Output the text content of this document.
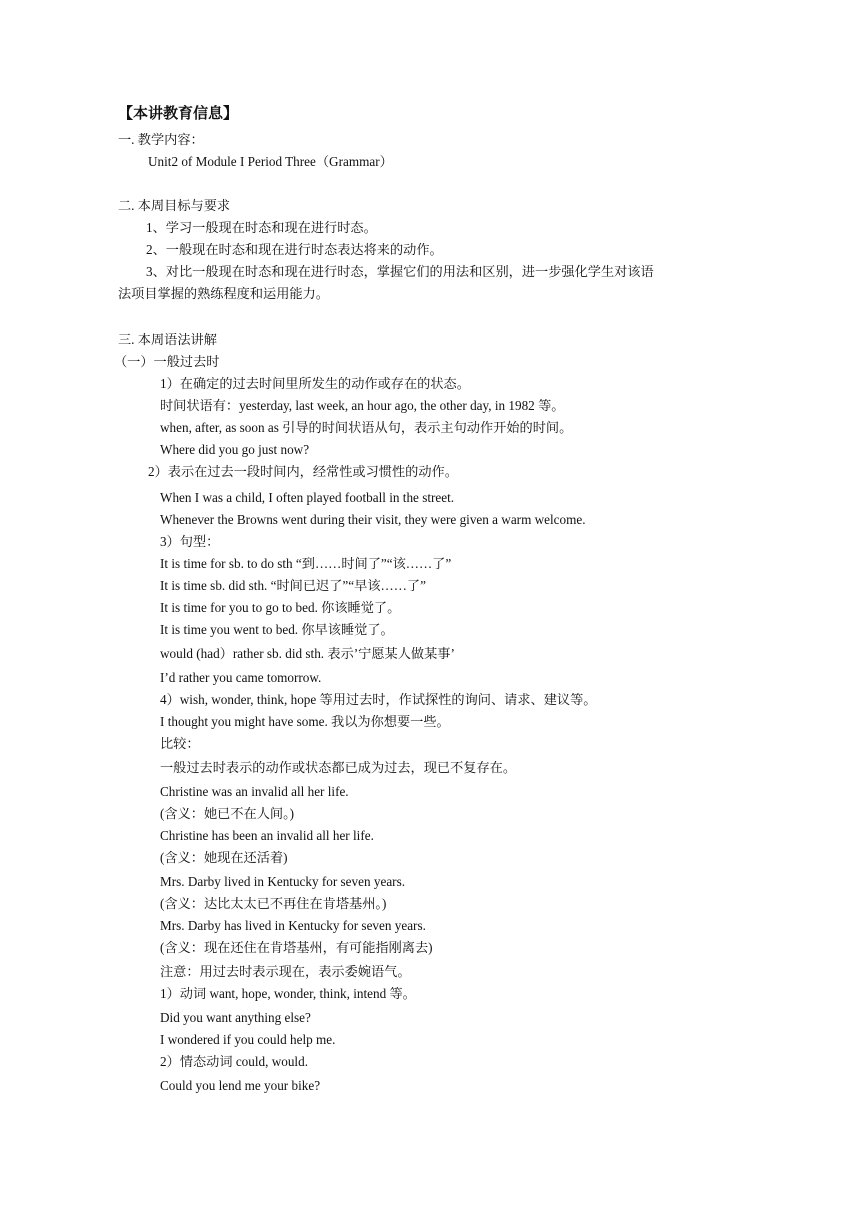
【本讲教育信息】
一. 教学内容：
Unit2 of Module I Period Three（Grammar）
二. 本周目标与要求
1、学习一般现在时态和现在进行时态。
2、一般现在时态和现在进行时态表达将来的动作。
3、对比一般现在时态和现在进行时态，掌握它们的用法和区别，进一步强化学生对该语
法项目掌握的熟练程度和运用能力。
三. 本周语法讲解
（一）一般过去时
1）在确定的过去时间里所发生的动作或存在的状态。
时间状语有：yesterday, last week, an hour ago, the other day, in 1982 等。
when, after, as soon as 引导的时间状语从句，表示主句动作开始的时间。
Where did you go just now?
2）表示在过去一段时间内，经常性或习惯性的动作。
When I was a child, I often played football in the street.
Whenever the Browns went during their visit, they were given a warm welcome.
3）句型：
It is time for sb. to do sth “到……时间了”“该……了”
It is time sb. did sth. “时间已迟了”“早该……了”
It is time for you to go to bed. 你该睡觉了。
It is time you went to bed. 你早该睡觉了。
would (had）rather sb. did sth. 表示’宁愿某人做某事’
I’d rather you came tomorrow.
4）wish, wonder, think, hope 等用过去时，作试探性的询问、请求、建议等。
I thought you might have some. 我以为你想要一些。
比较：
一般过去时表示的动作或状态都已成为过去，现已不复存在。
Christine was an invalid all her life.
(含义：她已不在人间。)
Christine has been an invalid all her life.
(含义：她现在还活着)
Mrs. Darby lived in Kentucky for seven years.
(含义：达比太太已不再住在肯塔基州。)
Mrs. Darby has lived in Kentucky for seven years.
(含义：现在还住在肯塔基州，有可能指刚离去)
注意：用过去时表示现在，表示委婉语气。
1）动词 want, hope, wonder, think, intend 等。
Did you want anything else?
I wondered if you could help me.
2）情态动词 could, would.
Could you lend me your bike?
